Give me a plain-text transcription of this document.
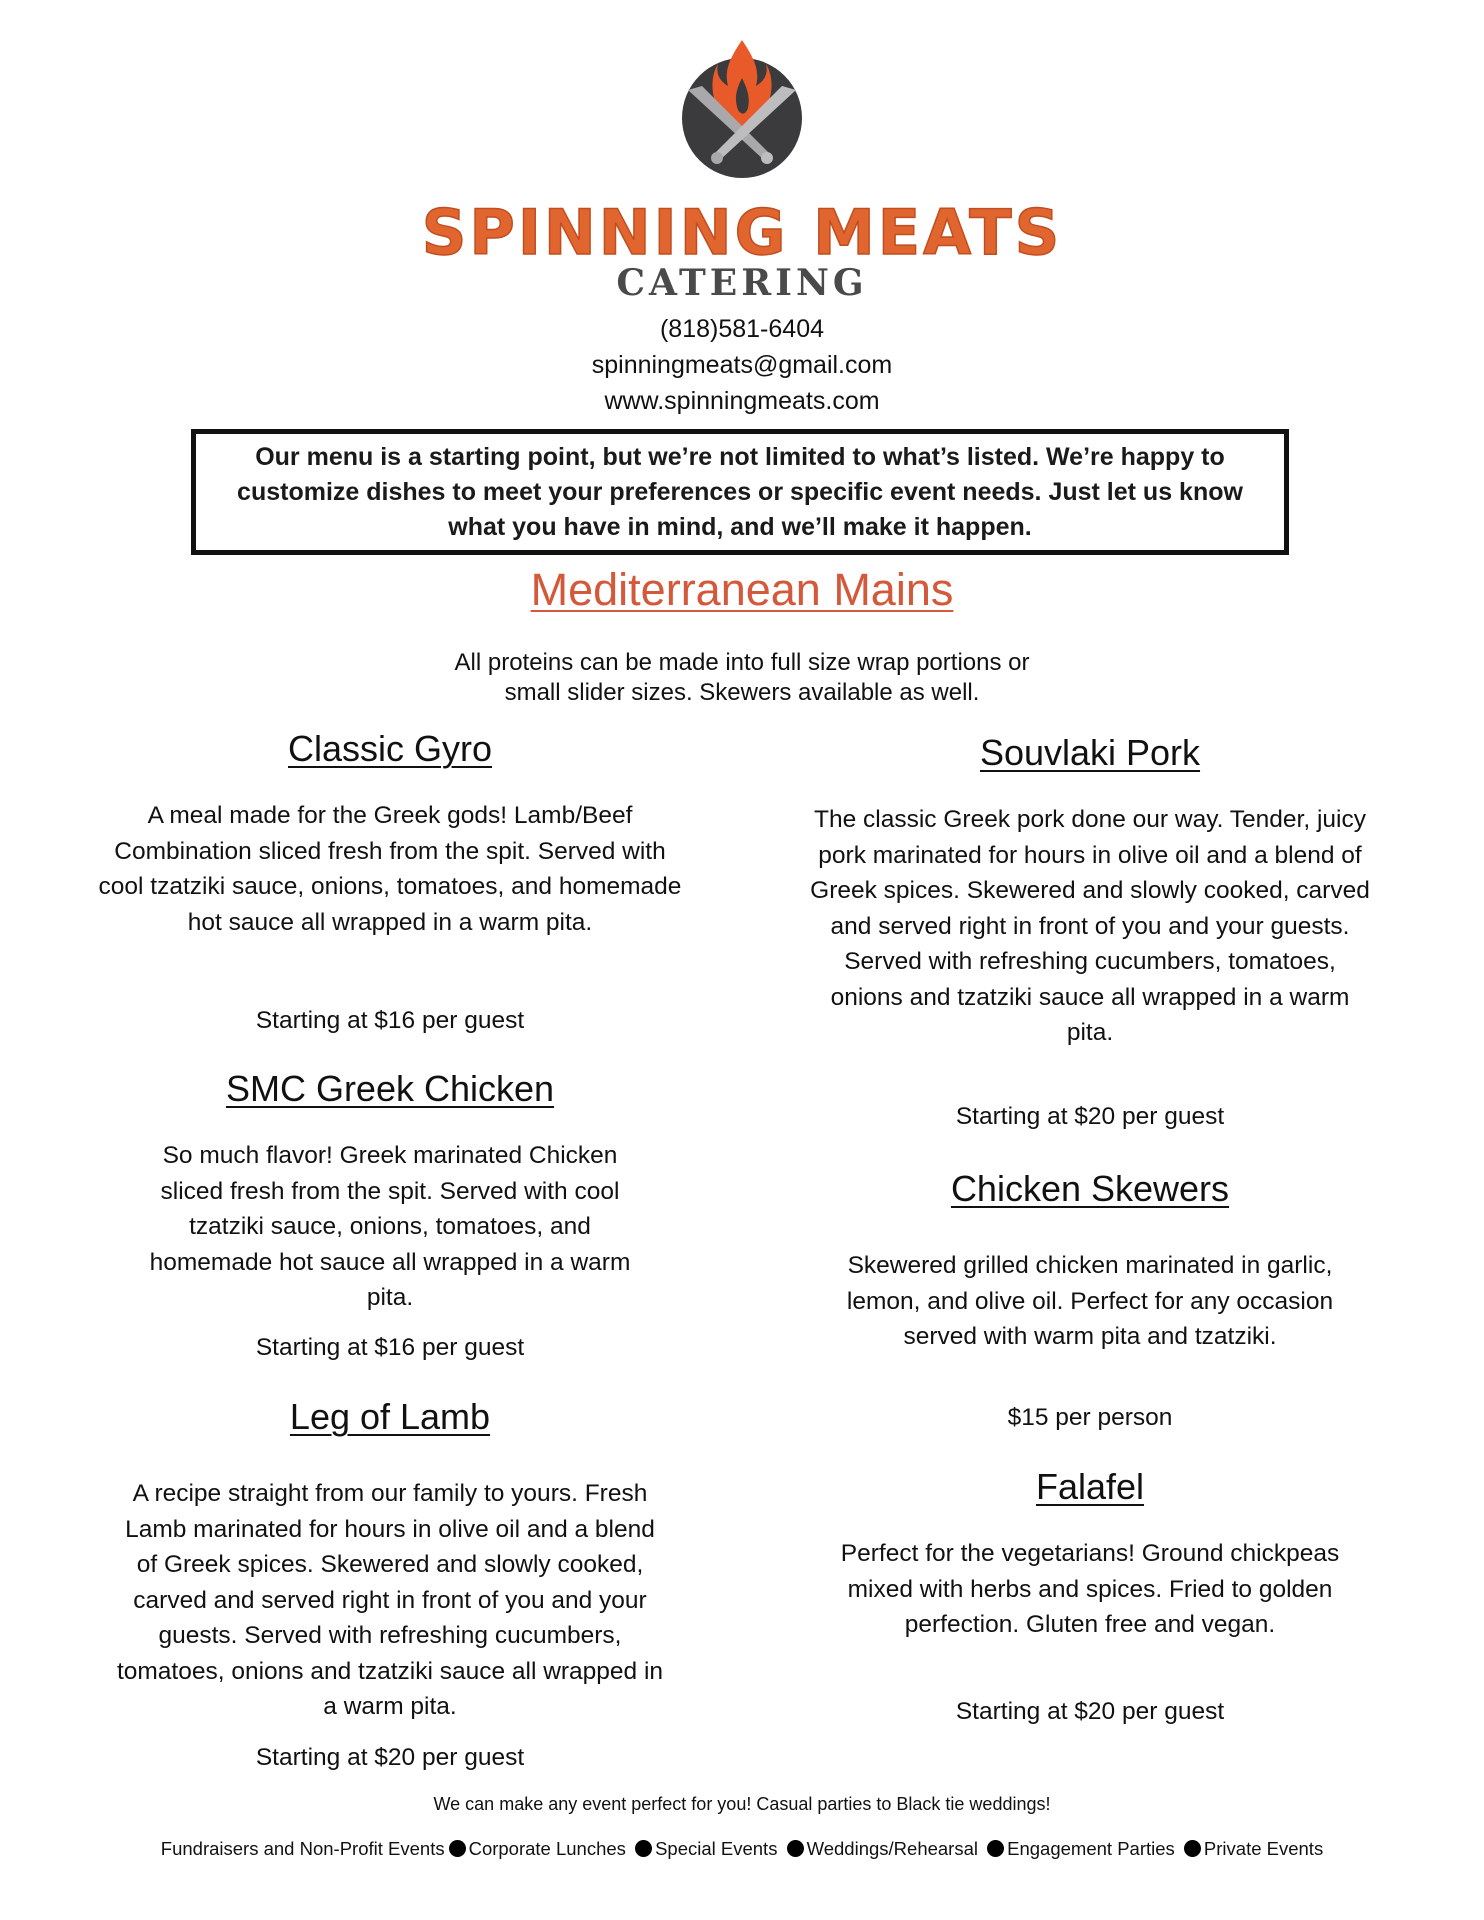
SPINNING MEATS
CATERING
(818)581-6404
spinningmeats@gmail.com
www.spinningmeats.com
Our menu is a starting point, but we’re not limited to what’s listed. We’re happy to customize dishes to meet your preferences or specific event needs. Just let us know what you have in mind, and we’ll make it happen.
Mediterranean Mains
All proteins can be made into full size wrap portions or small slider sizes. Skewers available as well.
Classic Gyro
A meal made for the Greek gods! Lamb/Beef Combination sliced fresh from the spit. Served with cool tzatziki sauce, onions, tomatoes, and homemade hot sauce all wrapped in a warm pita.
Starting at $16 per guest
SMC Greek Chicken
So much flavor! Greek marinated Chicken sliced fresh from the spit. Served with cool tzatziki sauce, onions, tomatoes, and homemade hot sauce all wrapped in a warm pita.
Starting at $16 per guest
Leg of Lamb
A recipe straight from our family to yours. Fresh Lamb marinated for hours in olive oil and a blend of Greek spices. Skewered and slowly cooked, carved and served right in front of you and your guests. Served with refreshing cucumbers, tomatoes, onions and tzatziki sauce all wrapped in a warm pita.
Starting at $20 per guest
Souvlaki Pork
The classic Greek pork done our way. Tender, juicy pork marinated for hours in olive oil and a blend of Greek spices. Skewered and slowly cooked, carved and served right in front of you and your guests. Served with refreshing cucumbers, tomatoes, onions and tzatziki sauce all wrapped in a warm pita.
Starting at $20 per guest
Chicken Skewers
Skewered grilled chicken marinated in garlic, lemon, and olive oil. Perfect for any occasion served with warm pita and tzatziki.
$15 per person
Falafel
Perfect for the vegetarians! Ground chickpeas mixed with herbs and spices. Fried to golden perfection. Gluten free and vegan.
Starting at $20 per guest
We can make any event perfect for you! Casual parties to Black tie weddings!
Fundraisers and Non-Profit Events Corporate Lunches Special Events Weddings/Rehearsal Engagement Parties Private Events
